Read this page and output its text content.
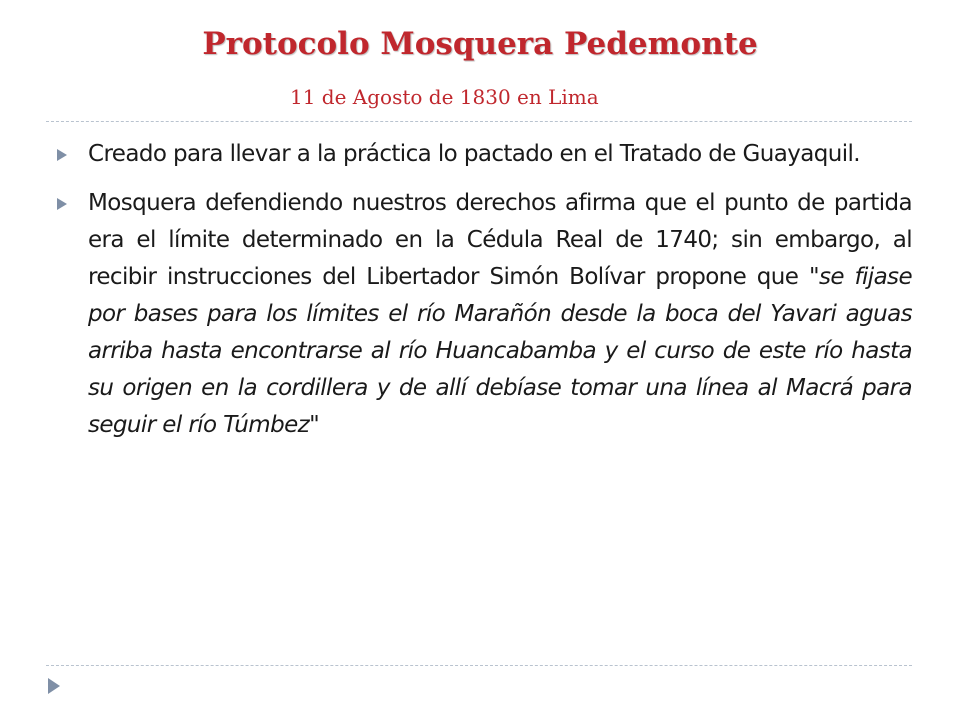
Protocolo Mosquera Pedemonte
11 de Agosto de 1830 en Lima
Creado para llevar a la práctica lo pactado en el Tratado de Guayaquil.
Mosquera defendiendo nuestros derechos afirma que el punto de partida era el límite determinado en la Cédula Real de 1740; sin embargo, al recibir instrucciones del Libertador Simón Bolívar propone que "se fijase por bases para los límites el río Marañón desde la boca del Yavari aguas arriba hasta encontrarse al río Huancabamba y el curso de este río hasta su origen en la cordillera y de allí debíase tomar una línea al Macrá para seguir el río Túmbez"
